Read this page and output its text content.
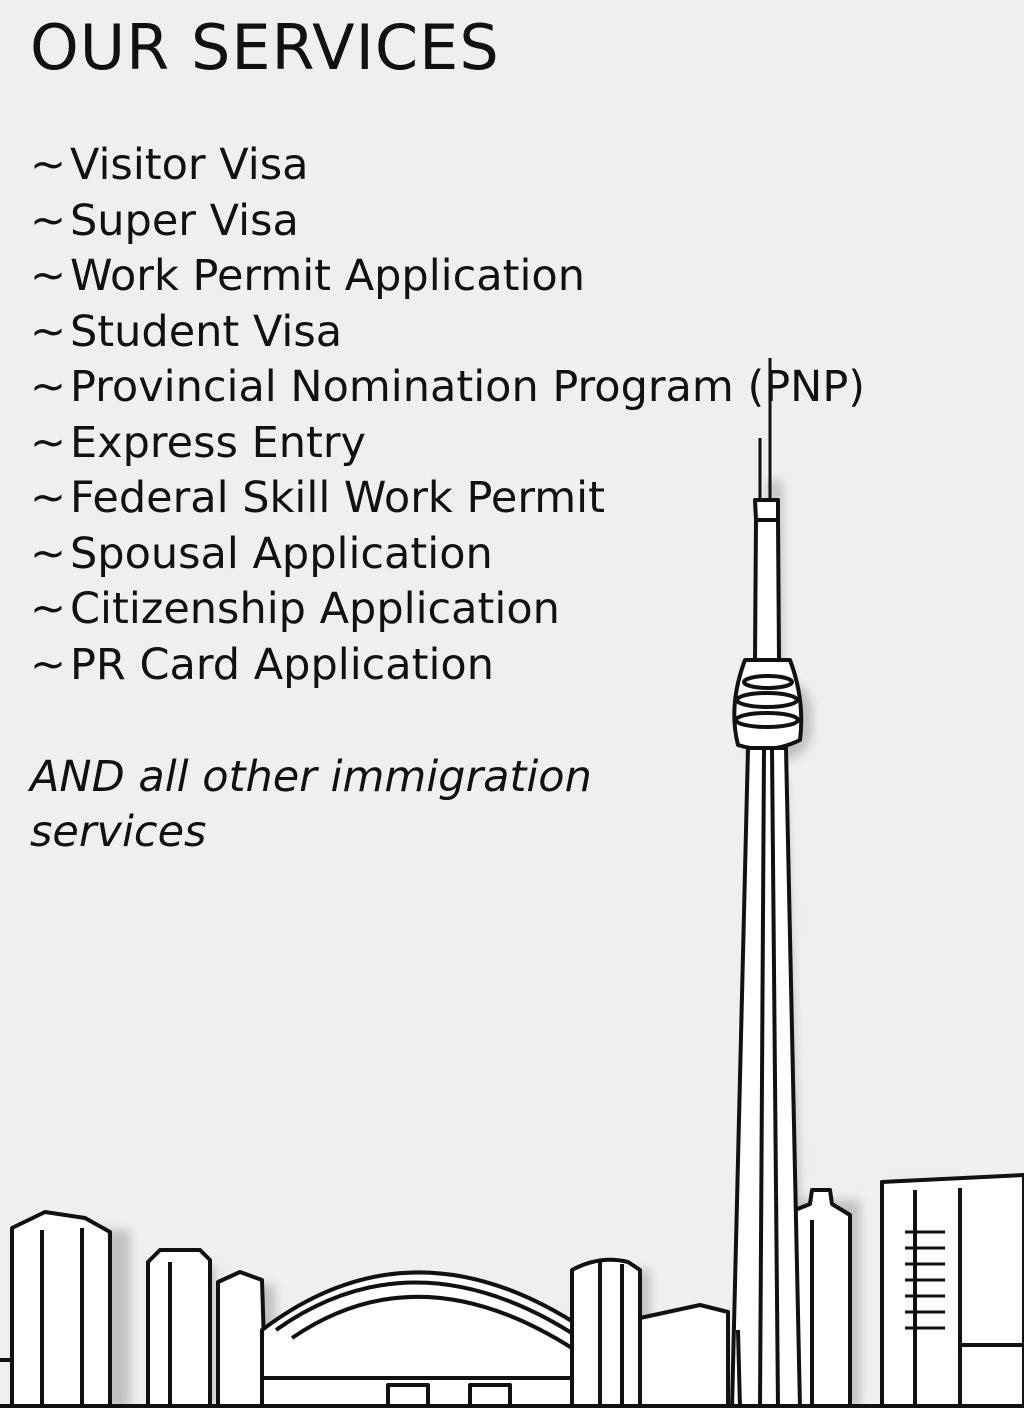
OUR SERVICES
~Visitor Visa
~Super Visa
~Work Permit Application
~Student Visa
~Provincial Nomination Program (PNP)
~Express Entry
~Federal Skill Work Permit
~Spousal Application
~Citizenship Application
~PR Card Application

AND all other immigration services
